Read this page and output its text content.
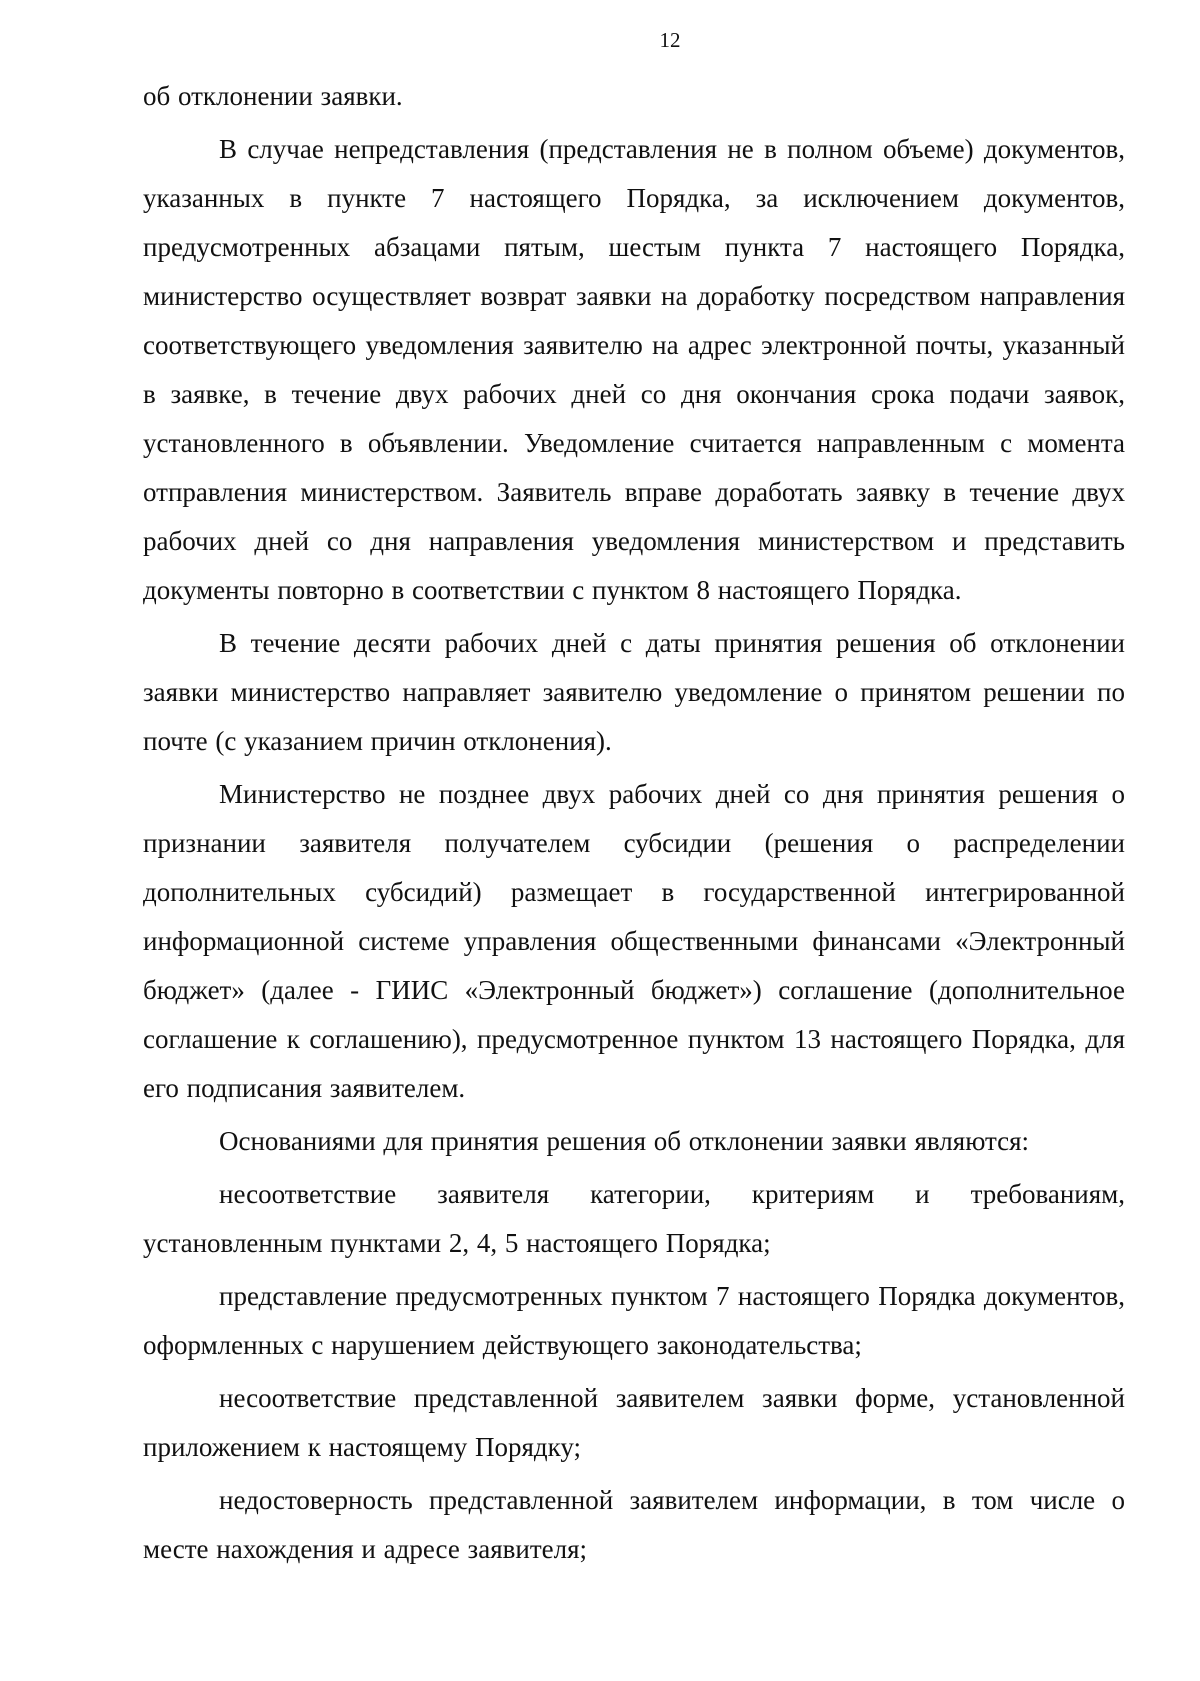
12

об отклонении заявки.

В случае непредставления (представления не в полном объеме) документов, указанных в пункте 7 настоящего Порядка, за исключением документов, предусмотренных абзацами пятым, шестым пункта 7 настоящего Порядка, министерство осуществляет возврат заявки на доработку посредством направления соответствующего уведомления заявителю на адрес электронной почты, указанный в заявке, в течение двух рабочих дней со дня окончания срока подачи заявок, установленного в объявлении. Уведомление считается направленным с момента отправления министерством. Заявитель вправе доработать заявку в течение двух рабочих дней со дня направления уведомления министерством и представить документы повторно в соответствии с пунктом 8 настоящего Порядка.

В течение десяти рабочих дней с даты принятия решения об отклонении заявки министерство направляет заявителю уведомление о принятом решении по почте (с указанием причин отклонения).

Министерство не позднее двух рабочих дней со дня принятия решения о признании заявителя получателем субсидии (решения о распределении дополнительных субсидий) размещает в государственной интегрированной информационной системе управления общественными финансами «Электронный бюджет» (далее - ГИИС «Электронный бюджет») соглашение (дополнительное соглашение к соглашению), предусмотренное пунктом 13 настоящего Порядка, для его подписания заявителем.

Основаниями для принятия решения об отклонении заявки являются:

несоответствие заявителя категории, критериям и требованиям, установленным пунктами 2, 4, 5 настоящего Порядка;

представление предусмотренных пунктом 7 настоящего Порядка документов, оформленных с нарушением действующего законодательства;

несоответствие представленной заявителем заявки форме, установленной приложением к настоящему Порядку;

недостоверность представленной заявителем информации, в том числе о месте нахождения и адресе заявителя;
